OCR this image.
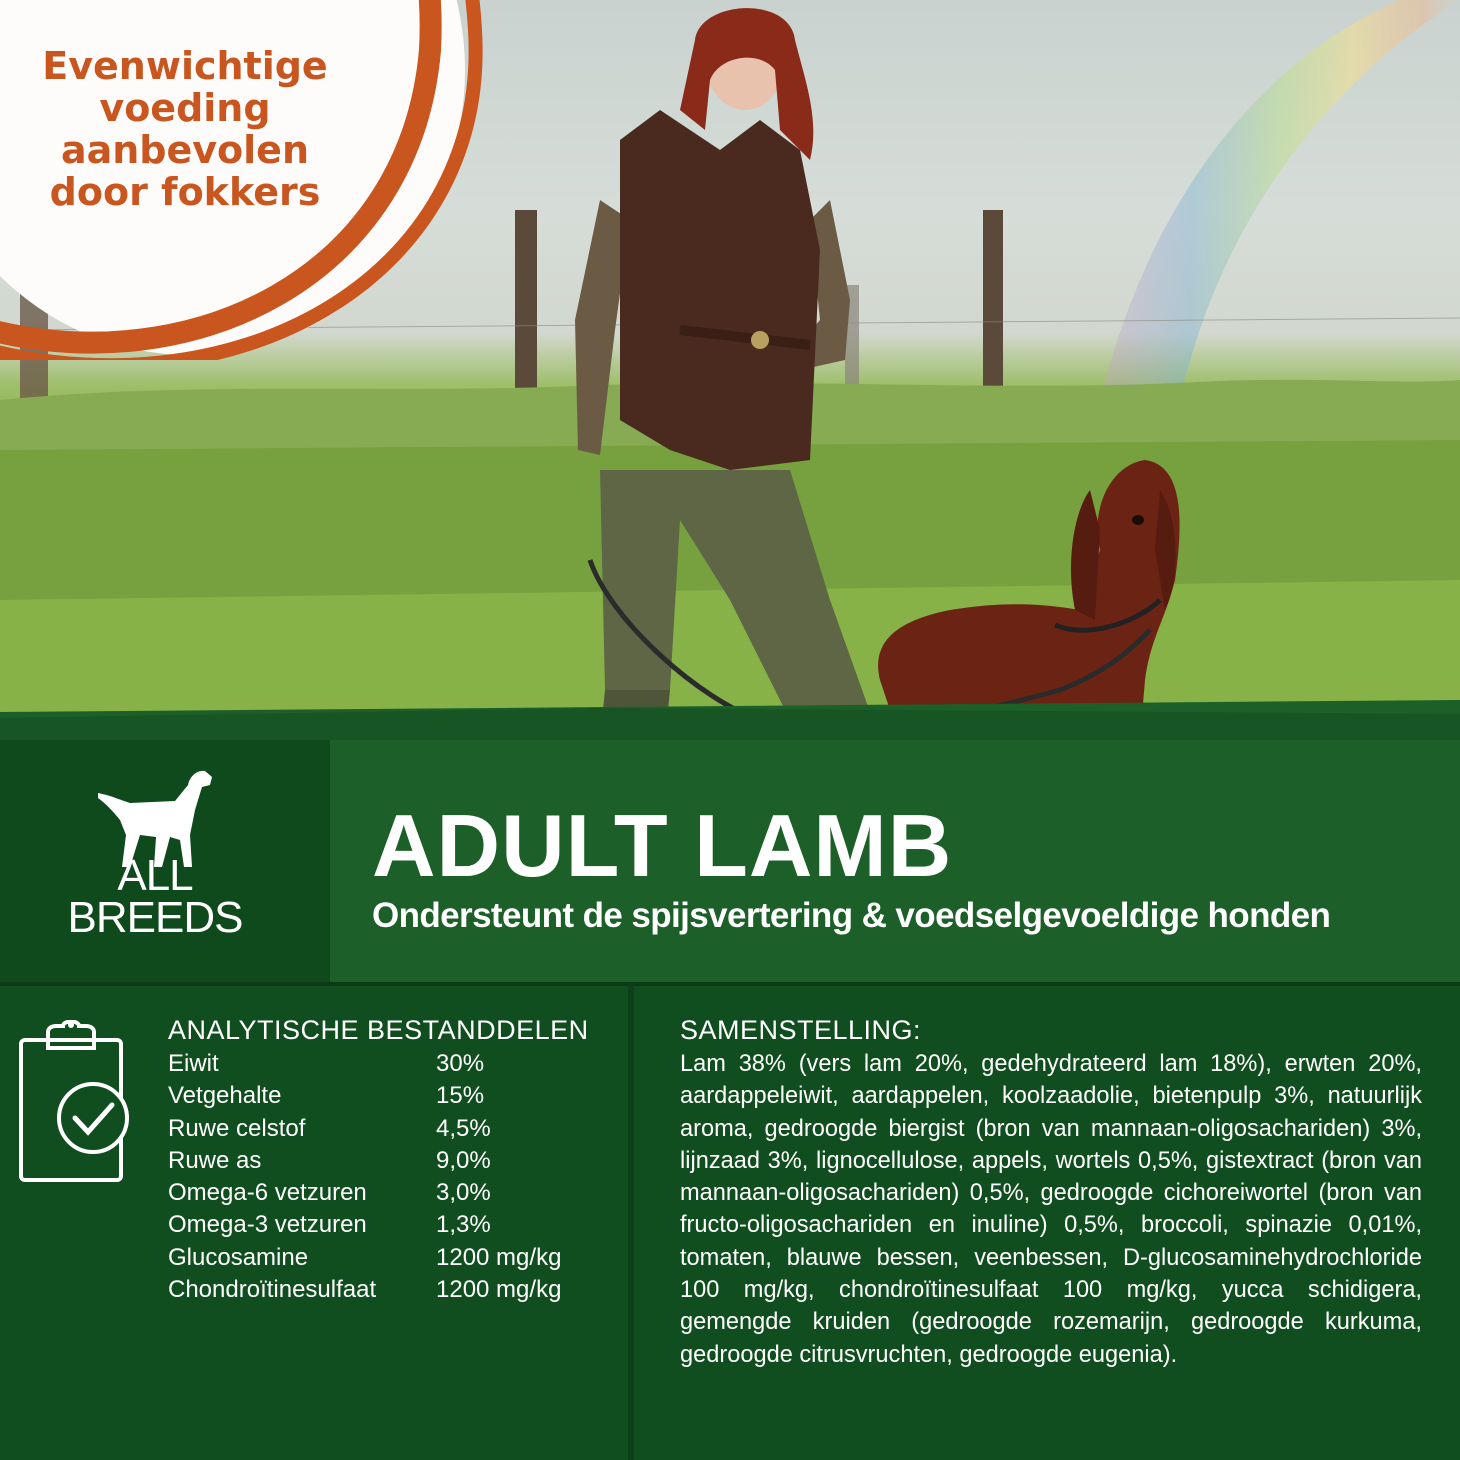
Evenwichtige
voeding
aanbevolen
door fokkers
ALL
BREEDS
ADULT LAMB
Ondersteunt de spijsvertering & voedselgevoeldige honden
ANALYTISCHE BESTANDDELEN
Eiwit	30%
Vetgehalte	15%
Ruwe celstof	4,5%
Ruwe as	9,0%
Omega-6 vetzuren	3,0%
Omega-3 vetzuren	1,3%
Glucosamine	1200 mg/kg
Chondroïtinesulfaat 1200 mg/kg
SAMENSTELLING:
Lam 38% (vers lam 20%, gedehydrateerd lam 18%), erwten 20%, aardappeleiwit, aardappelen, koolzaadolie, bietenpulp 3%, natuurlijk aroma, gedroogde biergist (bron van mannaan-oligosachariden) 3%, lijnzaad 3%, lignocellulose, appels, wortels 0,5%, gistextract (bron van mannaan-oligosachariden) 0,5%, gedroogde cichoreiwortel (bron van fructo-oligosachariden en inuline) 0,5%, broccoli, spinazie 0,01%, tomaten, blauwe bessen, veenbessen, D-glucosaminehydrochloride 100 mg/kg, chondroïtinesulfaat 100 mg/kg, yucca schidigera, gemengde kruiden (gedroogde rozemarijn, gedroogde kurkuma, gedroogde citrusvruchten, gedroogde eugenia).
